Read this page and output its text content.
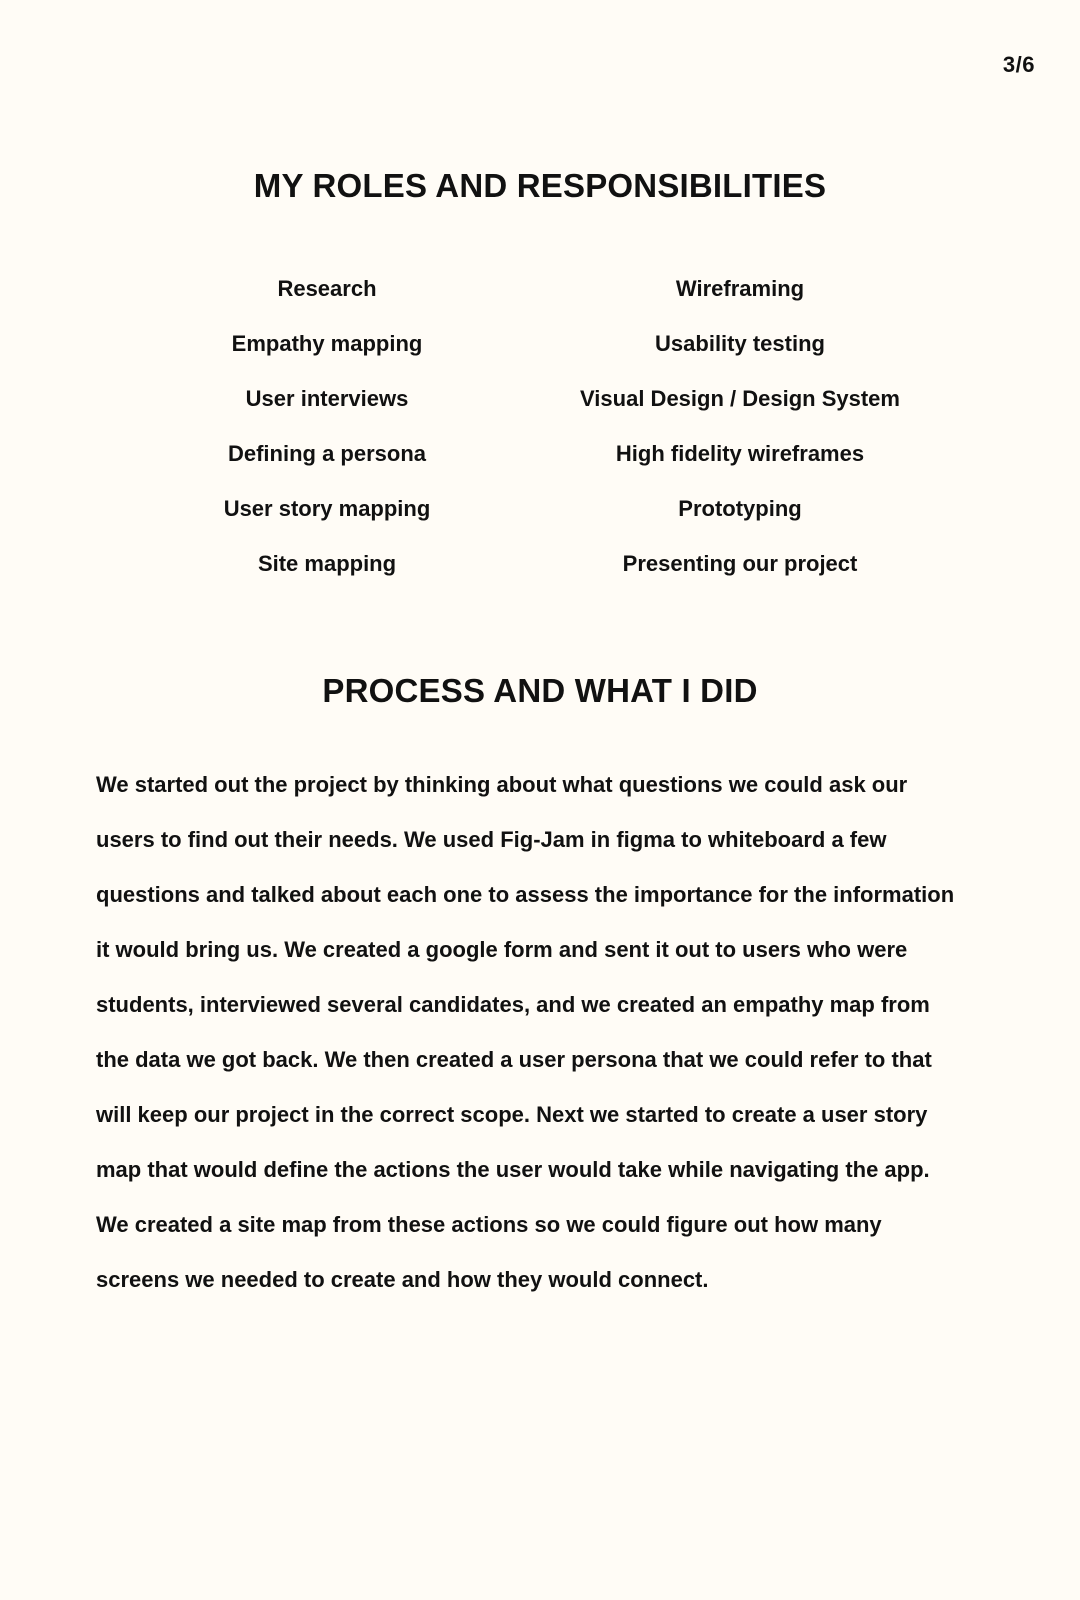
3/6
MY ROLES AND RESPONSIBILITIES
Research
Empathy mapping
User interviews
Defining a persona
User story mapping
Site mapping
Wireframing
Usability testing
Visual Design / Design System
High fidelity wireframes
Prototyping
Presenting our project
PROCESS AND WHAT I DID

We started out the project by thinking about what questions we could ask our
users to find out their needs. We used Fig-Jam in figma to whiteboard a few
questions and talked about each one to assess the importance for the information
it would bring us. We created a google form and sent it out to users who were
students, interviewed several candidates, and we created an empathy map from
the data we got back. We then created a user persona that we could refer to that
will keep our project in the correct scope. Next we started to create a user story
map that would define the actions the user would take while navigating the app.
We created a site map from these actions so we could figure out how many
screens we needed to create and how they would connect.
